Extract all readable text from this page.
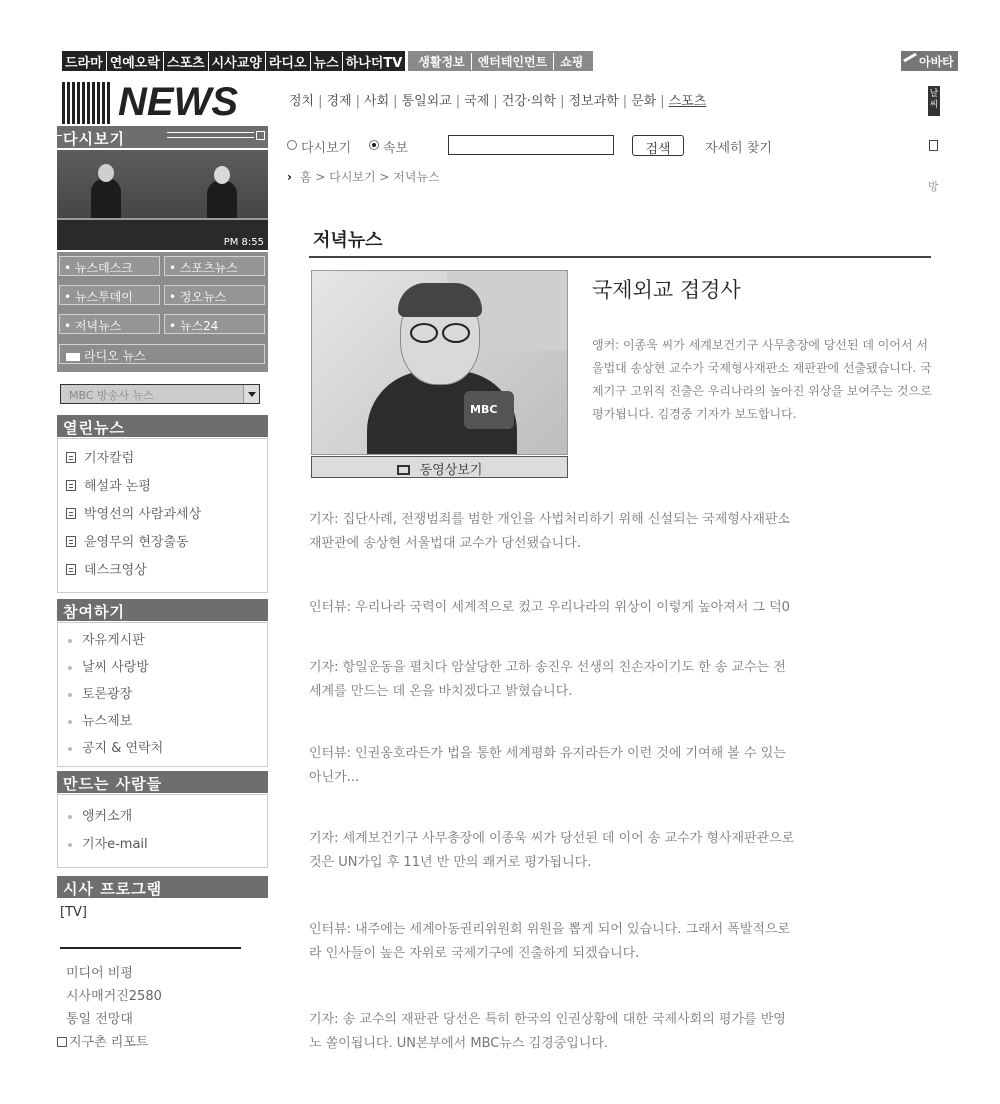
드라마 연예오락 스포츠 시사교양 라디오 뉴스 하나더TV	생활정보	엔터테인먼트	쇼핑	아바타
NEWS
다시보기
PM 8:55
• 뉴스데스크	• 스포츠뉴스
• 뉴스투데이	• 정오뉴스
• 저녁뉴스	• 뉴스24
라디오 뉴스
MBC 방송사 뉴스
열린뉴스
기자칼럼
해설과 논평
박영선의 사람과세상
윤영무의 현장출동
데스크영상
참여하기
자유게시판
날씨 사랑방
토론광장
뉴스제보
공지 & 연락처
만드는 사람들
앵커소개
기자e-mail
시사 프로그램
[TV]
미디어 비평
시사매거진2580
통일 전망대
지구촌 리포트
정치 | 경제 | 사회 | 통일외교 | 국제 | 건강·의학 | 정보과학 | 문화 | 스포츠	날씨
다시보기 속보	검색	자세히 찾기
› 홈 > 다시보기 > 저녁뉴스
방
저녁뉴스
MBC
동영상보기
국제외교 겹경사
앵커: 이종욱 씨가 세계보건기구 사무총장에 당선된 데 이어서 서울법대 송상현 교수가 국제형사재판소 재판관에 선출됐습니다. 국제기구 고위직 진출은 우리나라의 높아진 위상을 보여주는 것으로 평가됩니다. 김경중 기자가 보도합니다.
기자: 집단사례, 전쟁범죄를 범한 개인을 사법처리하기 위해 신설되는 국제형사재판소
재판관에 송상현 서울법대 교수가 당선됐습니다.
인터뷰: 우리나라 국력이 세계적으로 컸고 우리나라의 위상이 이렇게 높아져서 그 덕0
기자: 항일운동을 펼치다 암살당한 고하 송진우 선생의 친손자이기도 한 송 교수는 전
세계를 만드는 데 온을 바치겠다고 밝혔습니다.
인터뷰: 인권옹호라든가 법을 통한 세계평화 유지라든가 이런 것에 기여해 볼 수 있는
아닌가...
기자: 세계보건기구 사무총장에 이종욱 씨가 당선된 데 이어 송 교수가 형사재판관으로
것은 UN가입 후 11년 반 만의 쾌거로 평가됩니다.
인터뷰: 내주에는 세계아동권리위원회 위원을 뽑게 되어 있습니다. 그래서 폭발적으로
라 인사들이 높은 자위로 국제기구에 진출하게 되겠습니다.
기자: 송 교수의 재판관 당선은 특히 한국의 인권상황에 대한 국제사회의 평가를 반영
노 쏠이됩니다. UN본부에서 MBC뉴스 김경중입니다.
